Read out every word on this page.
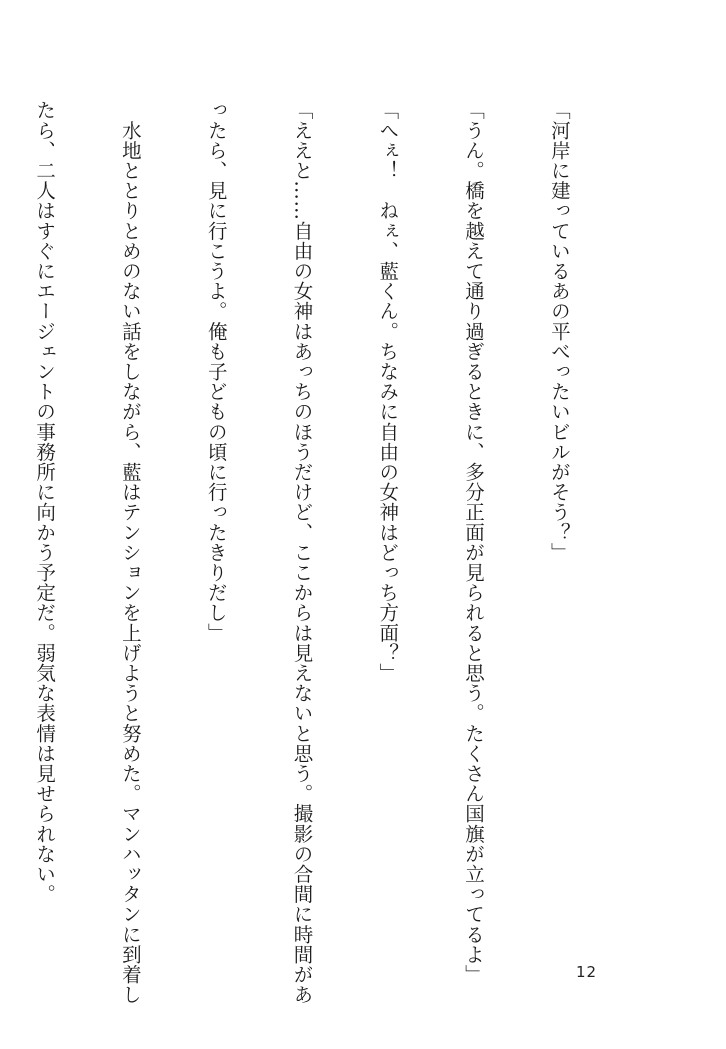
「河岸に建っているあの平べったいビルがそう？」

「うん。橋を越えて通り過ぎるときに、多分正面が見られると思う。たくさん国旗が立ってるよ」

「へぇ！　ねぇ、藍くん。ちなみに自由の女神はどっち方面？」

「ええと……自由の女神はあっちのほうだけど、ここからは見えないと思う。撮影の合間に時間があ

ったら、見に行こうよ。俺も子どもの頃に行ったきりだし」

　水地ととりとめのない話をしながら、藍はテンションを上げようと努めた。マンハッタンに到着し

たら、二人はすぐにエージェントの事務所に向かう予定だ。弱気な表情は見せられない。

12
